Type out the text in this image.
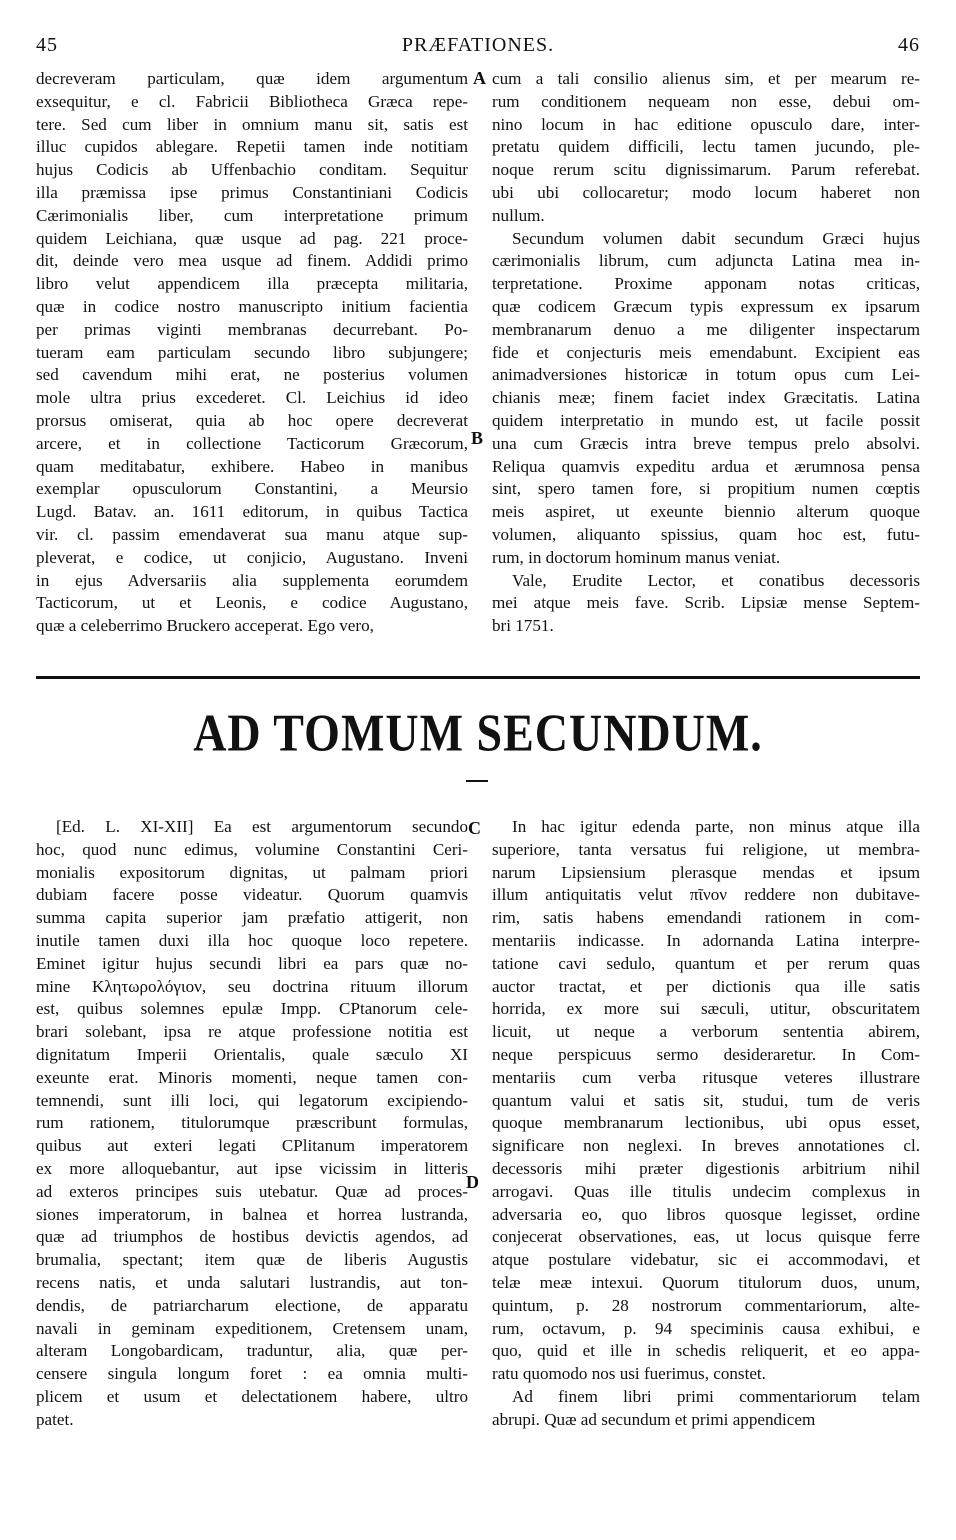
45	PRÆFATIONES.	46
decreveram particulam, quæ idem argumentum
exsequitur, e cl. Fabricii Bibliotheca Græca repe-
tere. Sed cum liber in omnium manu sit, satis est
illuc cupidos ablegare. Repetii tamen inde notitiam
hujus Codicis ab Uffenbachio conditam. Sequitur
illa præmissa ipse primus Constantiniani Codicis
Cærimonialis liber, cum interpretatione primum
quidem Leichiana, quæ usque ad pag. 221 proce-
dit, deinde vero mea usque ad finem. Addidi primo
libro velut appendicem illa præcepta militaria,
quæ in codice nostro manuscripto initium facientia
per primas viginti membranas decurrebant. Po-
tueram eam particulam secundo libro subjungere;
sed cavendum mihi erat, ne posterius volumen
mole ultra prius excederet. Cl. Leichius id ideo
prorsus omiserat, quia ab hoc opere decreverat
arcere, et in collectione Tacticorum Græcorum,
quam meditabatur, exhibere. Habeo in manibus
exemplar opusculorum Constantini, a Meursio
Lugd. Batav. an. 1611 editorum, in quibus Tactica
vir. cl. passim emendaverat sua manu atque sup-
pleverat, e codice, ut conjicio, Augustano. Inveni
in ejus Adversariis alia supplementa eorumdem
Tacticorum, ut et Leonis, e codice Augustano,
quæ a celeberrimo Bruckero acceperat. Ego vero,
cum a tali consilio alienus sim, et per mearum re-
rum conditionem nequeam non esse, debui om-
nino locum in hac editione opusculo dare, inter-
pretatu quidem difficili, lectu tamen jucundo, ple-
noque rerum scitu dignissimarum. Parum referebat.
ubi ubi collocaretur; modo locum haberet non
nullum.
Secundum volumen dabit secundum Græci hujus
cærimonialis librum, cum adjuncta Latina mea in-
terpretatione. Proxime apponam notas criticas,
quæ codicem Græcum typis expressum ex ipsarum
membranarum denuo a me diligenter inspectarum
fide et conjecturis meis emendabunt. Excipient eas
animadversiones historicæ in totum opus cum Lei-
chianis meæ; finem faciet index Græcitatis. Latina
quidem interpretatio in mundo est, ut facile possit
una cum Græcis intra breve tempus prelo absolvi.
Reliqua quamvis expeditu ardua et ærumnosa pensa
sint, spero tamen fore, si propitium numen cœptis
meis aspiret, ut exeunte biennio alterum quoque
volumen, aliquanto spissius, quam hoc est, futu-
rum, in doctorum hominum manus veniat.
Vale, Erudite Lector, et conatibus decessoris
mei atque meis fave. Scrib. Lipsiæ mense Septem-
bri 1751.
A
B
AD TOMUM SECUNDUM.
[Ed. L. XI-XII] Ea est argumentorum secundo
hoc, quod nunc edimus, volumine Constantini Ceri-
monialis expositorum dignitas, ut palmam priori
dubiam facere posse videatur. Quorum quamvis
summa capita superior jam præfatio attigerit, non
inutile tamen duxi illa hoc quoque loco repetere.
Eminet igitur hujus secundi libri ea pars quæ no-
mine Κλητωρολόγιον, seu doctrina rituum illorum
est, quibus solemnes epulæ Impp. CPtanorum cele-
brari solebant, ipsa re atque professione notitia est
dignitatum Imperii Orientalis, quale sæculo XI
exeunte erat. Minoris momenti, neque tamen con-
temnendi, sunt illi loci, qui legatorum excipiendo-
rum rationem, titulorumque præscribunt formulas,
quibus aut exteri legati CPlitanum imperatorem
ex more alloquebantur, aut ipse vicissim in litteris
ad exteros principes suis utebatur. Quæ ad proces-
siones imperatorum, in balnea et horrea lustranda,
quæ ad triumphos de hostibus devictis agendos, ad
brumalia, spectant; item quæ de liberis Augustis
recens natis, et unda salutari lustrandis, aut ton-
dendis, de patriarcharum electione, de apparatu
navali in geminam expeditionem, Cretensem unam,
alteram Longobardicam, traduntur, alia, quæ per-
censere singula longum foret : ea omnia multi-
plicem et usum et delectationem habere, ultro
patet.
In hac igitur edenda parte, non minus atque illa
superiore, tanta versatus fui religione, ut membra-
narum Lipsiensium plerasque mendas et ipsum
illum antiquitatis velut πῖνον reddere non dubitave-
rim, satis habens emendandi rationem in com-
mentariis indicasse. In adornanda Latina interpre-
tatione cavi sedulo, quantum et per rerum quas
auctor tractat, et per dictionis qua ille satis
horrida, ex more sui sæculi, utitur, obscuritatem
licuit, ut neque a verborum sententia abirem,
neque perspicuus sermo desideraretur. In Com-
mentariis cum verba ritusque veteres illustrare
quantum valui et satis sit, studui, tum de veris
quoque membranarum lectionibus, ubi opus esset,
significare non neglexi. In breves annotationes cl.
decessoris mihi præter digestionis arbitrium nihil
arrogavi. Quas ille titulis undecim complexus in
adversaria eo, quo libros quosque legisset, ordine
conjecerat observationes, eas, ut locus quisque ferre
atque postulare videbatur, sic ei accommodavi, et
telæ meæ intexui. Quorum titulorum duos, unum,
quintum, p. 28 nostrorum commentariorum, alte-
rum, octavum, p. 94 speciminis causa exhibui, e
quo, quid et ille in schedis reliquerit, et eo appa-
ratu quomodo nos usi fuerimus, constet.
Ad finem libri primi commentariorum telam
abrupi. Quæ ad secundum et primi appendicem
C
D
